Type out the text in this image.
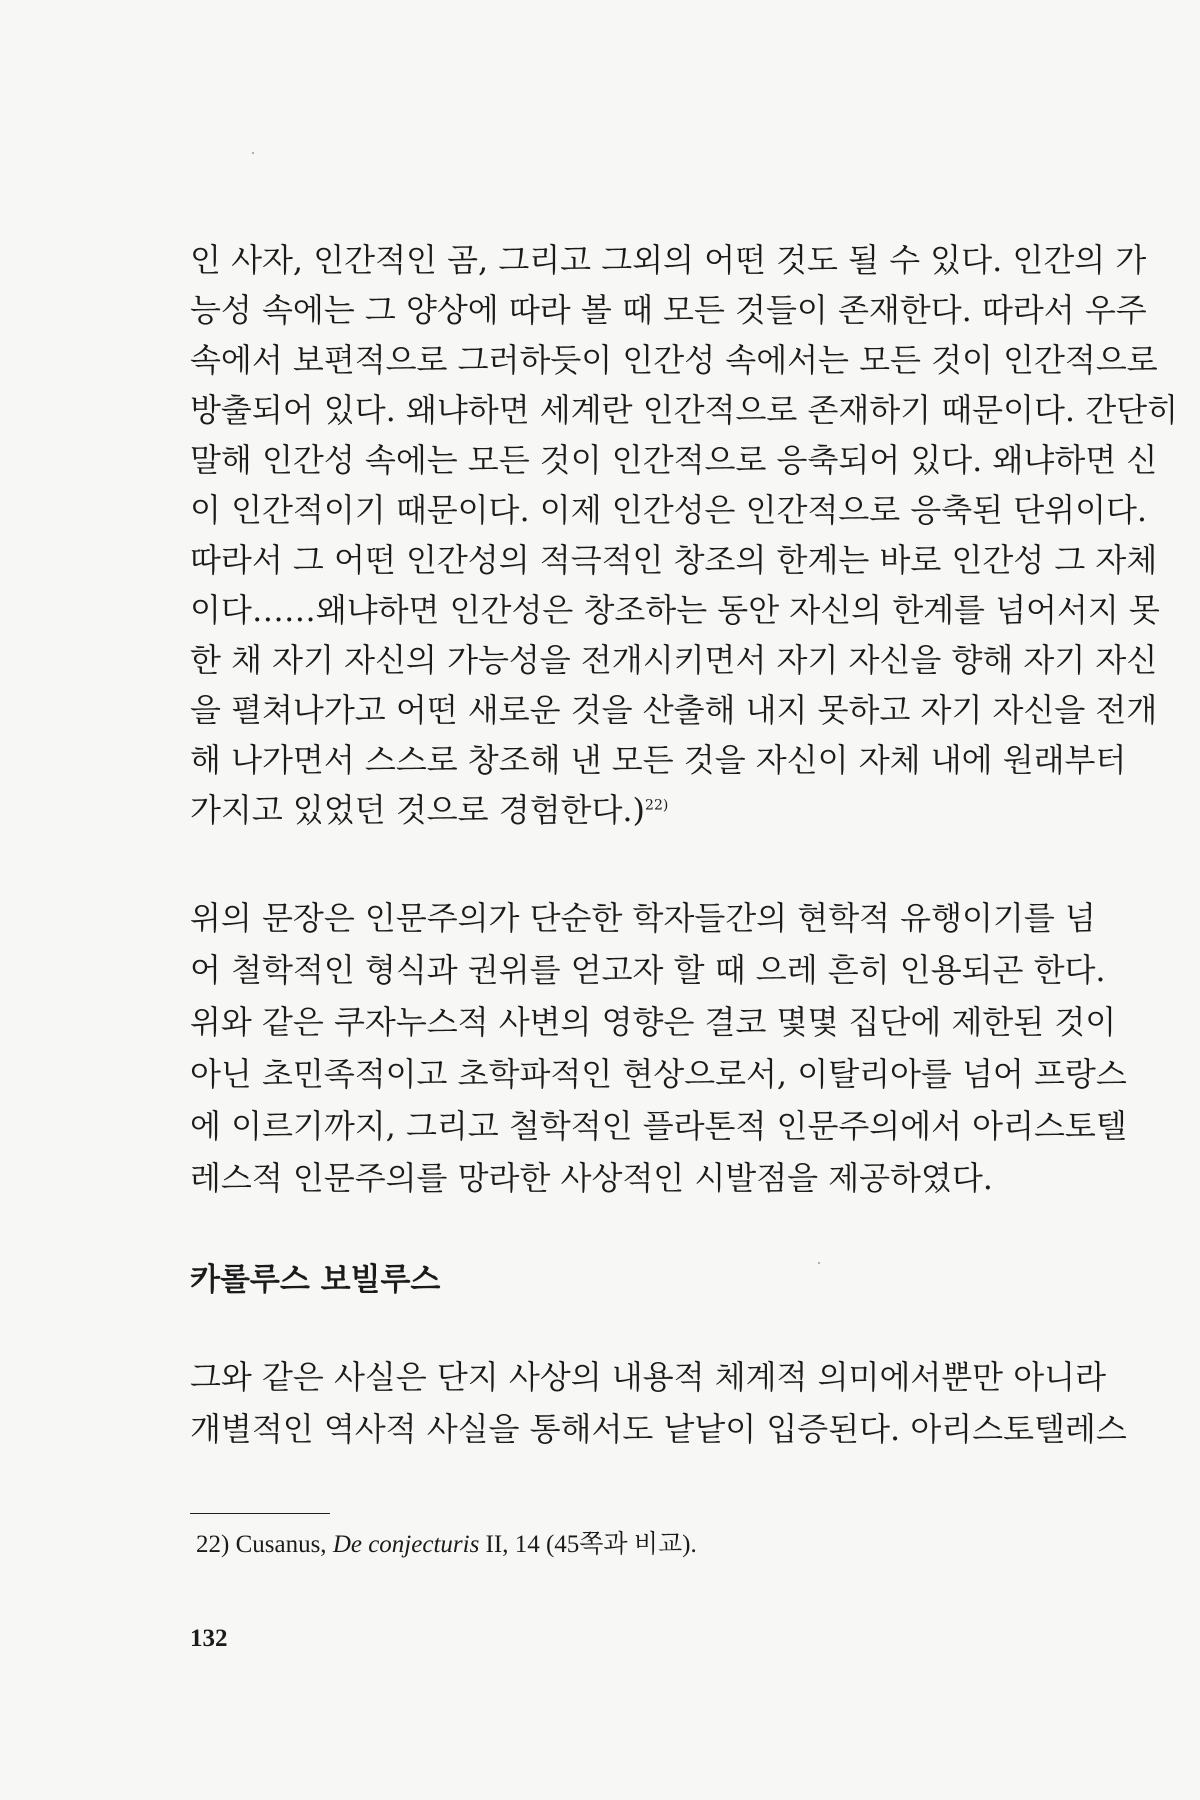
인 사자, 인간적인 곰, 그리고 그외의 어떤 것도 될 수 있다. 인간의 가
능성 속에는 그 양상에 따라 볼 때 모든 것들이 존재한다. 따라서 우주
속에서 보편적으로 그러하듯이 인간성 속에서는 모든 것이 인간적으로
방출되어 있다. 왜냐하면 세계란 인간적으로 존재하기 때문이다. 간단히
말해 인간성 속에는 모든 것이 인간적으로 응축되어 있다. 왜냐하면 신
이 인간적이기 때문이다. 이제 인간성은 인간적으로 응축된 단위이다.
따라서 그 어떤 인간성의 적극적인 창조의 한계는 바로 인간성 그 자체
이다……왜냐하면 인간성은 창조하는 동안 자신의 한계를 넘어서지 못
한 채 자기 자신의 가능성을 전개시키면서 자기 자신을 향해 자기 자신
을 펼쳐나가고 어떤 새로운 것을 산출해 내지 못하고 자기 자신을 전개
해 나가면서 스스로 창조해 낸 모든 것을 자신이 자체 내에 원래부터
가지고 있었던 것으로 경험한다.)$^{22)}$
위의 문장은 인문주의가 단순한 학자들간의 현학적 유행이기를 넘
어 철학적인 형식과 권위를 얻고자 할 때 으레 흔히 인용되곤 한다.
위와 같은 쿠자누스적 사변의 영향은 결코 몇몇 집단에 제한된 것이
아닌 초민족적이고 초학파적인 현상으로서, 이탈리아를 넘어 프랑스
에 이르기까지, 그리고 철학적인 플라톤적 인문주의에서 아리스토텔
레스적 인문주의를 망라한 사상적인 시발점을 제공하였다.
카롤루스 보빌루스
그와 같은 사실은 단지 사상의 내용적 체계적 의미에서뿐만 아니라
개별적인 역사적 사실을 통해서도 낱낱이 입증된다. 아리스토텔레스
22) Cusanus, De conjecturis II, 14 (45쪽과 비교).
132
